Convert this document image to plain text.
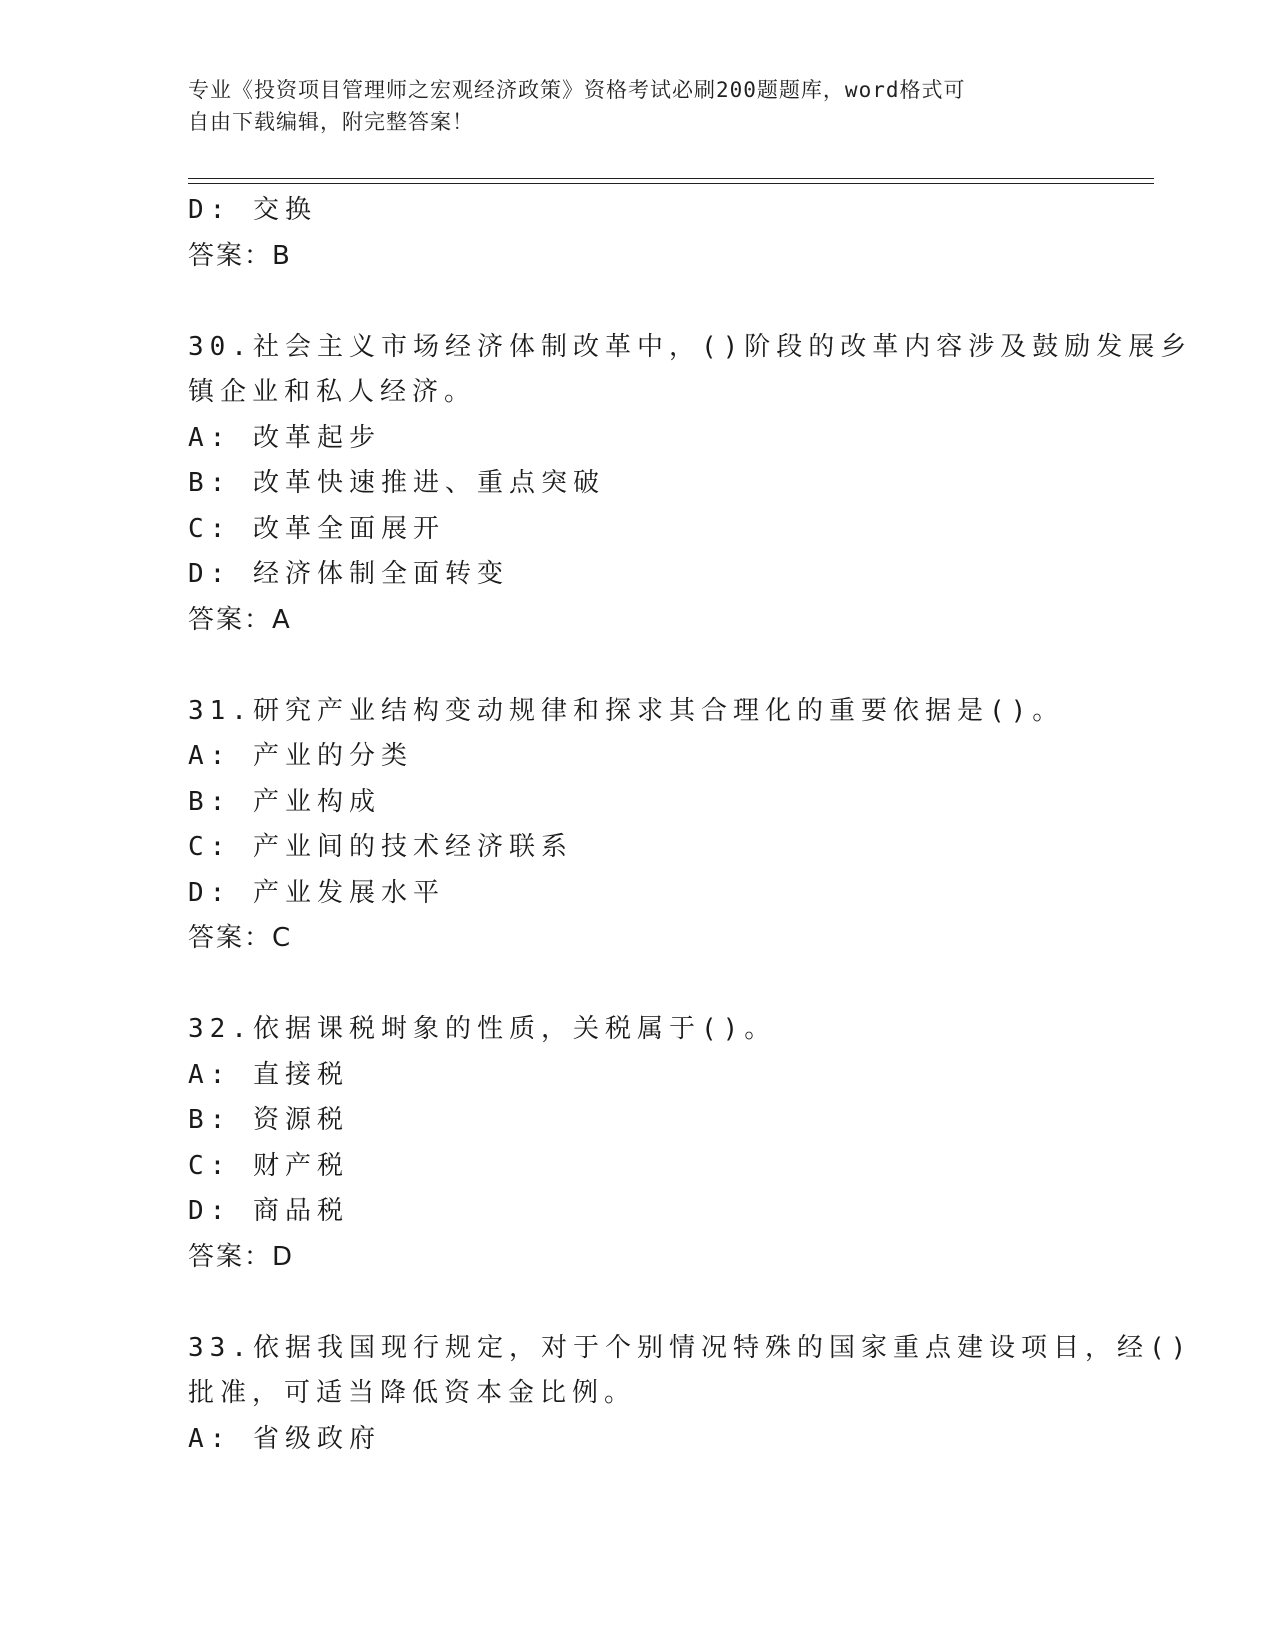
专业《投资项目管理师之宏观经济政策》资格考试必刷200题题库，word格式可
自由下载编辑，附完整答案！
D: 交换
答案：B
30.社会主义市场经济体制改革中，()阶段的改革内容涉及鼓励发展乡
镇企业和私人经济。
A: 改革起步
B: 改革快速推进、重点突破
C: 改革全面展开
D: 经济体制全面转变
答案：A
31.研究产业结构变动规律和探求其合理化的重要依据是()。
A: 产业的分类
B: 产业构成
C: 产业间的技术经济联系
D: 产业发展水平
答案：C
32.依据课税埘象的性质，关税属于()。
A: 直接税
B: 资源税
C: 财产税
D: 商品税
答案：D
33.依据我国现行规定，对于个别情况特殊的国家重点建设项目，经()
批准，可适当降低资本金比例。
A: 省级政府
